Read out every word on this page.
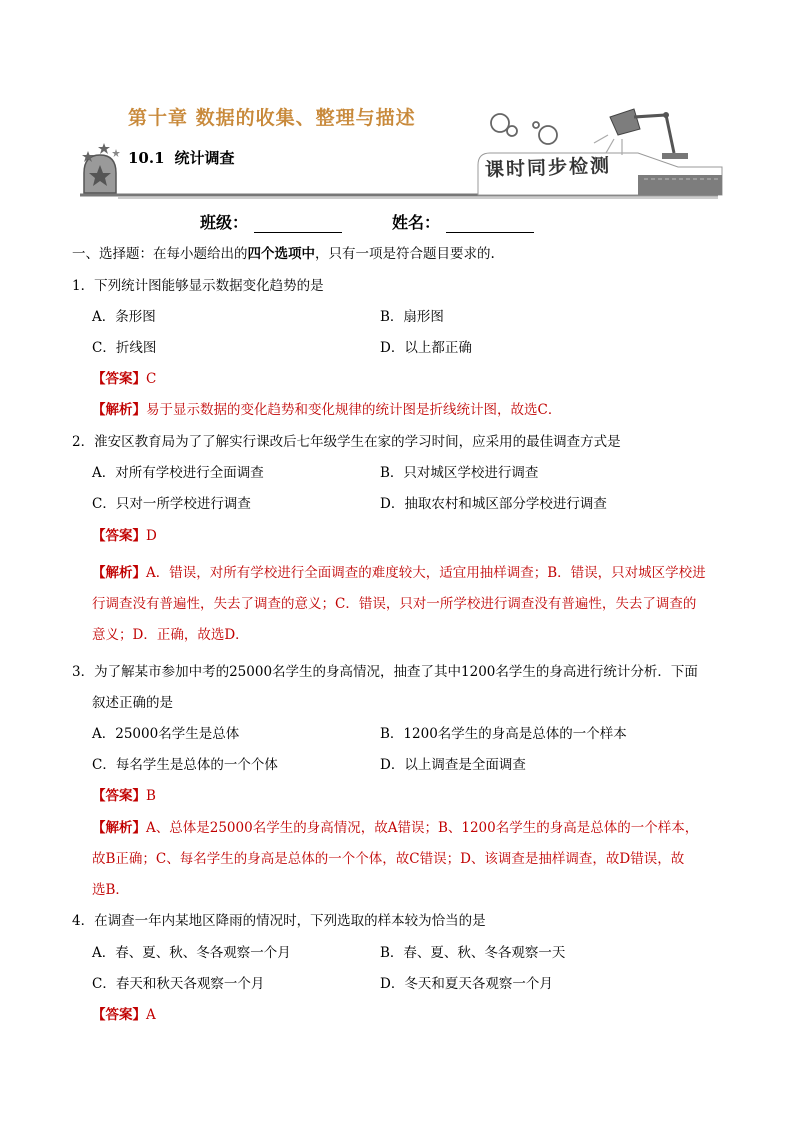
第十章 数据的收集、整理与描述
10.1 统计调查	课时同步检测
班级：	姓名：
一、选择题：在每小题给出的四个选项中，只有一项是符合题目要求的.
1．下列统计图能够显示数据变化趋势的是
A．条形图	B．扇形图
C．折线图	D．以上都正确
【答案】C
【解析】易于显示数据的变化趋势和变化规律的统计图是折线统计图，故选C．
2．淮安区教育局为了了解实行课改后七年级学生在家的学习时间，应采用的最佳调查方式是
A．对所有学校进行全面调查	B．只对城区学校进行调查
C．只对一所学校进行调查	D．抽取农村和城区部分学校进行调查
【答案】D
【解析】A．错误，对所有学校进行全面调查的难度较大，适宜用抽样调查；B．错误，只对城区学校进
行调查没有普遍性，失去了调查的意义；C．错误，只对一所学校进行调查没有普遍性，失去了调查的
意义；D．正确，故选D．
3．为了解某市参加中考的25000名学生的身高情况，抽查了其中1200名学生的身高进行统计分析．下面
叙述正确的是
A．25000名学生是总体	B．1200名学生的身高是总体的一个样本
C．每名学生是总体的一个个体	D．以上调查是全面调查
【答案】B
【解析】A、总体是25000名学生的身高情况，故A错误；B、1200名学生的身高是总体的一个样本，
故B正确；C、每名学生的身高是总体的一个个体，故C错误；D、该调查是抽样调查，故D错误，故
选B．
4．在调查一年内某地区降雨的情况时，下列选取的样本较为恰当的是
A．春、夏、秋、冬各观察一个月	B．春、夏、秋、冬各观察一天
C．春天和秋天各观察一个月	D．冬天和夏天各观察一个月
【答案】A
